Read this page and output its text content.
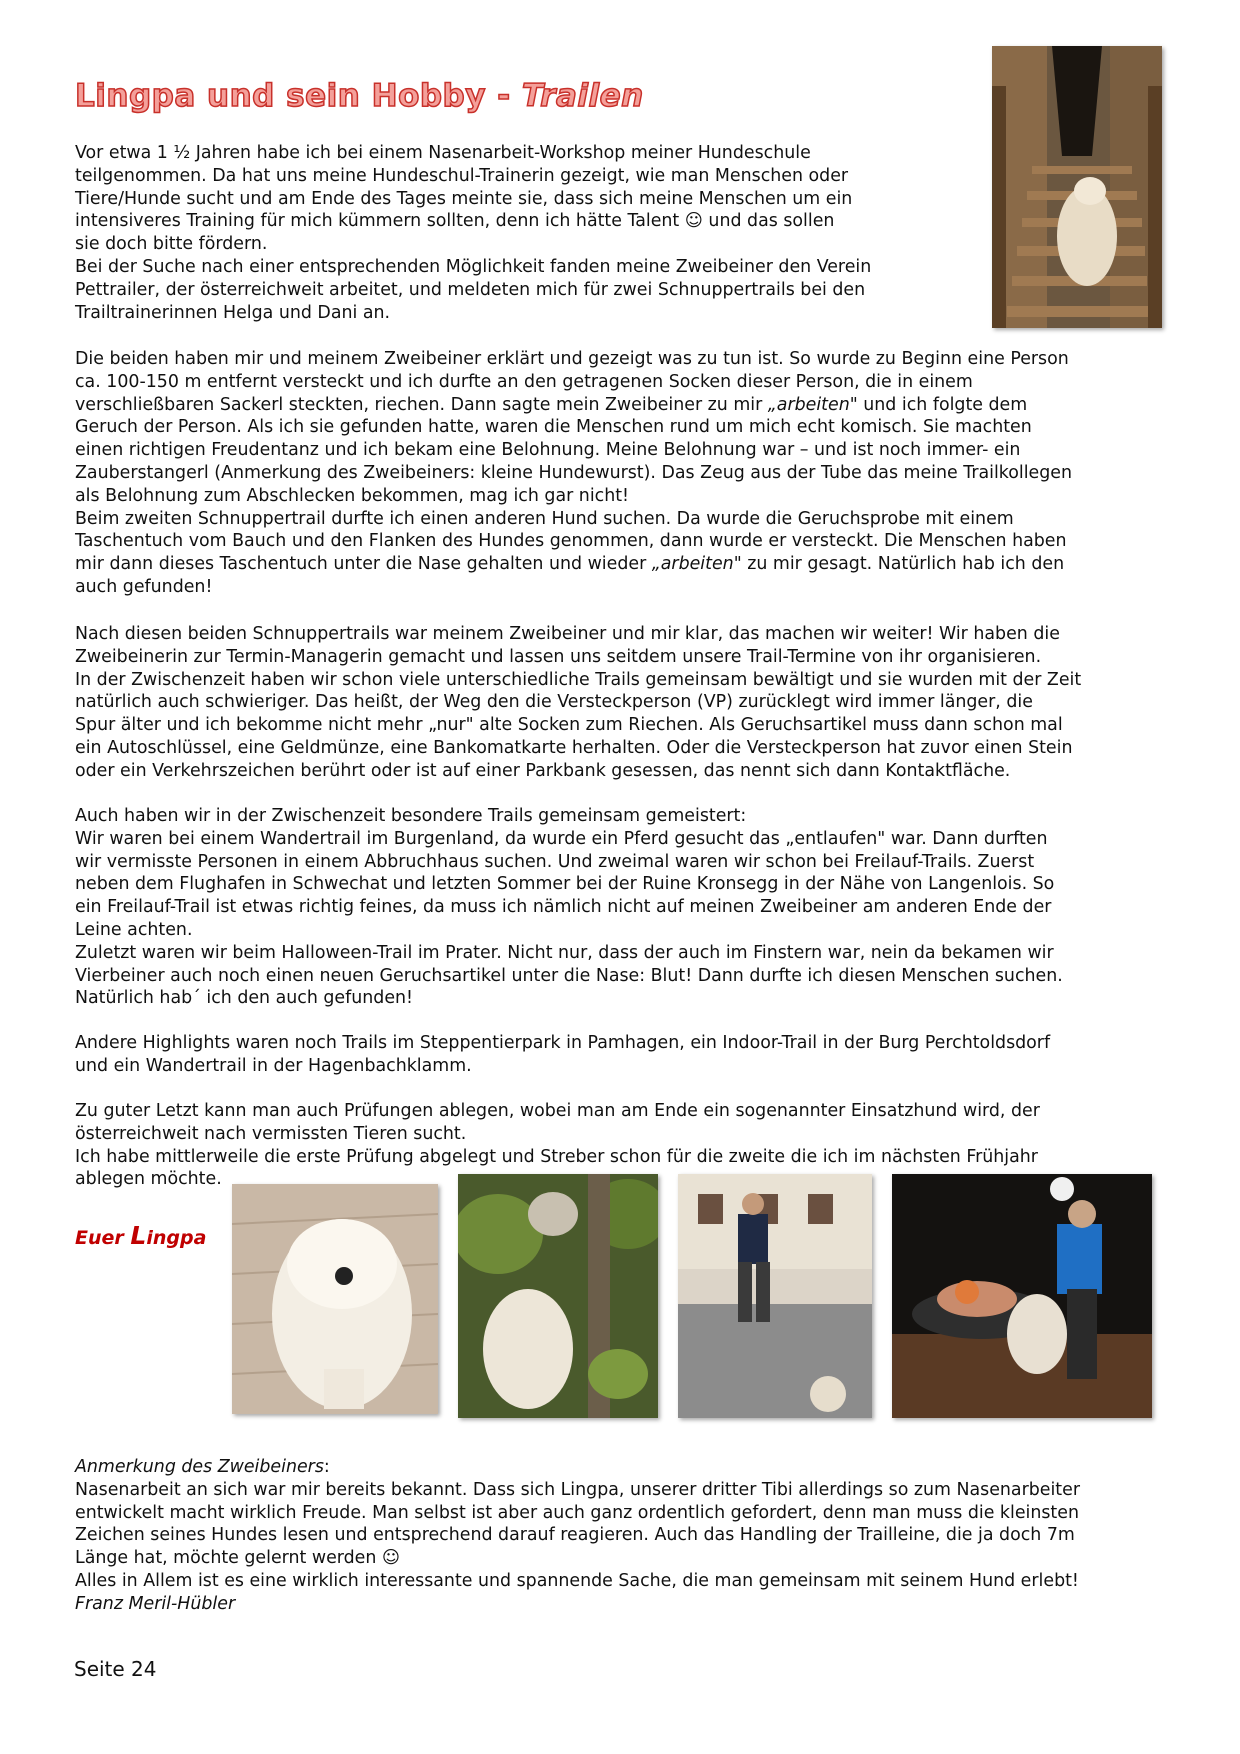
Lingpa und sein Hobby - Trailen

Vor etwa 1 ½ Jahren habe ich bei einem Nasenarbeit-Workshop meiner Hundeschule
teilgenommen. Da hat uns meine Hundeschul-Trainerin gezeigt, wie man Menschen oder
Tiere/Hunde sucht und am Ende des Tages meinte sie, dass sich meine Menschen um ein
intensiveres Training für mich kümmern sollten, denn ich hätte Talent ☺ und das sollen
sie doch bitte fördern.
Bei der Suche nach einer entsprechenden Möglichkeit fanden meine Zweibeiner den Verein
Pettrailer, der österreichweit arbeitet, und meldeten mich für zwei Schnuppertrails bei den
Trailtrainerinnen Helga und Dani an.

Die beiden haben mir und meinem Zweibeiner erklärt und gezeigt was zu tun ist. So wurde zu Beginn eine Person
ca. 100-150 m entfernt versteckt und ich durfte an den getragenen Socken dieser Person, die in einem
verschließbaren Sackerl steckten, riechen. Dann sagte mein Zweibeiner zu mir „arbeiten" und ich folgte dem
Geruch der Person. Als ich sie gefunden hatte, waren die Menschen rund um mich echt komisch. Sie machten
einen richtigen Freudentanz und ich bekam eine Belohnung. Meine Belohnung war – und ist noch immer- ein
Zauberstangerl (Anmerkung des Zweibeiners: kleine Hundewurst). Das Zeug aus der Tube das meine Trailkollegen
als Belohnung zum Abschlecken bekommen, mag ich gar nicht!
Beim zweiten Schnuppertrail durfte ich einen anderen Hund suchen. Da wurde die Geruchsprobe mit einem
Taschentuch vom Bauch und den Flanken des Hundes genommen, dann wurde er versteckt. Die Menschen haben
mir dann dieses Taschentuch unter die Nase gehalten und wieder „arbeiten" zu mir gesagt. Natürlich hab ich den
auch gefunden!

Nach diesen beiden Schnuppertrails war meinem Zweibeiner und mir klar, das machen wir weiter! Wir haben die
Zweibeinerin zur Termin-Managerin gemacht und lassen uns seitdem unsere Trail-Termine von ihr organisieren.
In der Zwischenzeit haben wir schon viele unterschiedliche Trails gemeinsam bewältigt und sie wurden mit der Zeit
natürlich auch schwieriger. Das heißt, der Weg den die Versteckperson (VP) zurücklegt wird immer länger, die
Spur älter und ich bekomme nicht mehr „nur" alte Socken zum Riechen. Als Geruchsartikel muss dann schon mal
ein Autoschlüssel, eine Geldmünze, eine Bankomatkarte herhalten. Oder die Versteckperson hat zuvor einen Stein
oder ein Verkehrszeichen berührt oder ist auf einer Parkbank gesessen, das nennt sich dann Kontaktfläche.

Auch haben wir in der Zwischenzeit besondere Trails gemeinsam gemeistert:
Wir waren bei einem Wandertrail im Burgenland, da wurde ein Pferd gesucht das „entlaufen" war. Dann durften
wir vermisste Personen in einem Abbruchhaus suchen. Und zweimal waren wir schon bei Freilauf-Trails. Zuerst
neben dem Flughafen in Schwechat und letzten Sommer bei der Ruine Kronsegg in der Nähe von Langenlois. So
ein Freilauf-Trail ist etwas richtig feines, da muss ich nämlich nicht auf meinen Zweibeiner am anderen Ende der
Leine achten.
Zuletzt waren wir beim Halloween-Trail im Prater. Nicht nur, dass der auch im Finstern war, nein da bekamen wir
Vierbeiner auch noch einen neuen Geruchsartikel unter die Nase: Blut! Dann durfte ich diesen Menschen suchen.
Natürlich hab´ ich den auch gefunden!

Andere Highlights waren noch Trails im Steppentierpark in Pamhagen, ein Indoor-Trail in der Burg Perchtoldsdorf
und ein Wandertrail in der Hagenbachklamm.

Zu guter Letzt kann man auch Prüfungen ablegen, wobei man am Ende ein sogenannter Einsatzhund wird, der
österreichweit nach vermissten Tieren sucht.
Ich habe mittlerweile die erste Prüfung abgelegt und Streber schon für die zweite die ich im nächsten Frühjahr
ablegen möchte.

Euer Lingpa

Anmerkung des Zweibeiners:
Nasenarbeit an sich war mir bereits bekannt. Dass sich Lingpa, unserer dritter Tibi allerdings so zum Nasenarbeiter
entwickelt macht wirklich Freude. Man selbst ist aber auch ganz ordentlich gefordert, denn man muss die kleinsten
Zeichen seines Hundes lesen und entsprechend darauf reagieren. Auch das Handling der Trailleine, die ja doch 7m
Länge hat, möchte gelernt werden ☺
Alles in Allem ist es eine wirklich interessante und spannende Sache, die man gemeinsam mit seinem Hund erlebt!
Franz Meril-Hübler

Seite 24
